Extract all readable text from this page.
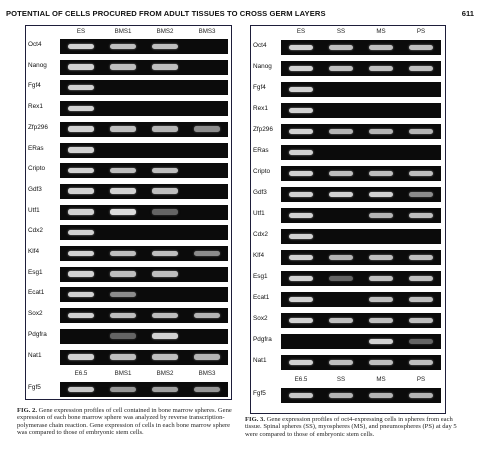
POTENTIAL OF CELLS PROCURED FROM ADULT TISSUES TO CROSS GERM LAYERS	611
ES	BMS1	BMS2	BMS3
Oct4
Nanog
Fgf4
Rex1
Zfp296
ERas
Cripto
Gdf3
Utf1
Cdx2
Klf4
Esg1
Ecat1
Sox2
Pdgfra
Nat1
E6.5	BMS1	BMS2	BMS3
Fgf5
ES	SS	MS	PS
Oct4
Nanog
Fgf4
Rex1
Zfp296
ERas
Cripto
Gdf3
Utf1
Cdx2
Klf4
Esg1
Ecat1
Sox2
Pdgfra
Nat1
E6.5	SS	MS	PS
Fgf5
FIG. 2. Gene expression profiles of cell contained in bone marrow spheres. Gene expression of each bone marrow sphere was analyzed by reverse transcription-polymerase chain reaction. Gene expression of cells in each bone marrow sphere was compared to those of embryonic stem cells.
FIG. 3. Gene expression profiles of oct4-expressing cells in spheres from each tissue. Spinal spheres (SS), myospheres (MS), and pneumospheres (PS) at day 5 were compared to those of embryonic stem cells.
